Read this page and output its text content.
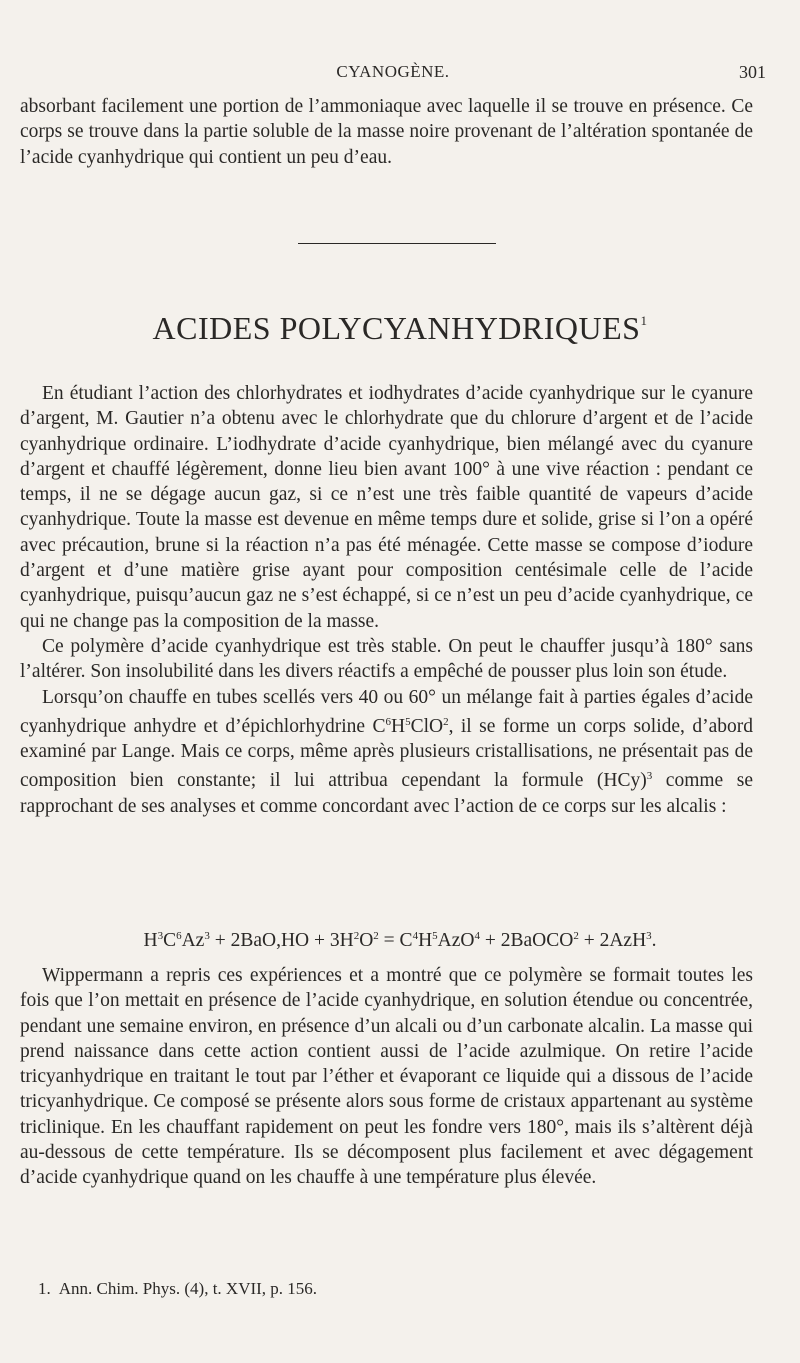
CYANOGÈNE.	301

absorbant facilement une portion de l’ammoniaque avec laquelle il se trouve en présence. Ce corps se trouve dans la partie soluble de la masse noire provenant de l’altération spontanée de l’acide cyanhydrique qui contient un peu d’eau.

ACIDES POLYCYANHYDRIQUES$^1$

En étudiant l’action des chlorhydrates et iodhydrates d’acide cyanhydrique sur le cyanure d’argent, M. Gautier n’a obtenu avec le chlorhydrate que du chlorure d’argent et de l’acide cyanhydrique ordinaire. L’iodhydrate d’acide cyanhydrique, bien mélangé avec du cyanure d’argent et chauffé légèrement, donne lieu bien avant 100° à une vive réaction : pendant ce temps, il ne se dégage aucun gaz, si ce n’est une très faible quantité de vapeurs d’acide cyanhydrique. Toute la masse est devenue en même temps dure et solide, grise si l’on a opéré avec précaution, brune si la réaction n’a pas été ménagée. Cette masse se compose d’iodure d’argent et d’une matière grise ayant pour composition centésimale celle de l’acide cyanhydrique, puisqu’aucun gaz ne s’est échappé, si ce n’est un peu d’acide cyanhydrique, ce qui ne change pas la composition de la masse.

Ce polymère d’acide cyanhydrique est très stable. On peut le chauffer jusqu’à 180° sans l’altérer. Son insolubilité dans les divers réactifs a empêché de pousser plus loin son étude.

Lorsqu’on chauffe en tubes scellés vers 40 ou 60° un mélange fait à parties égales d’acide cyanhydrique anhydre et d’épichlorhydrine $C^6H^5ClO^2$, il se forme un corps solide, d’abord examiné par Lange. Mais ce corps, même après plusieurs cristallisations, ne présentait pas de composition bien constante; il lui attribua cependant la formule (HCy)$^3$ comme se rapprochant de ses analyses et comme concordant avec l’action de ce corps sur les alcalis :

$H^3C^6Az^3 + 2BaO,HO + 3H^2O^2 = C^4H^5AzO^4$ + 2BaOCO$^2$ + 2AzH$^3$.

Wippermann a repris ces expériences et a montré que ce polymère se formait toutes les fois que l’on mettait en présence de l’acide cyanhydrique, en solution étendue ou concentrée, pendant une semaine environ, en présence d’un alcali ou d’un carbonate alcalin. La masse qui prend naissance dans cette action contient aussi de l’acide azulmique. On retire l’acide tricyanhydrique en traitant le tout par l’éther et évaporant ce liquide qui a dissous de l’acide tricyanhydrique. Ce composé se présente alors sous forme de cristaux appartenant au système triclinique. En les chauffant rapidement on peut les fondre vers 180°, mais ils s’altèrent déjà au-dessous de cette température. Ils se décomposent plus facilement et avec dégagement d’acide cyanhydrique quand on les chauffe à une température plus élevée.

1. Ann. Chim. Phys. (4), t. XVII, p. 156.
